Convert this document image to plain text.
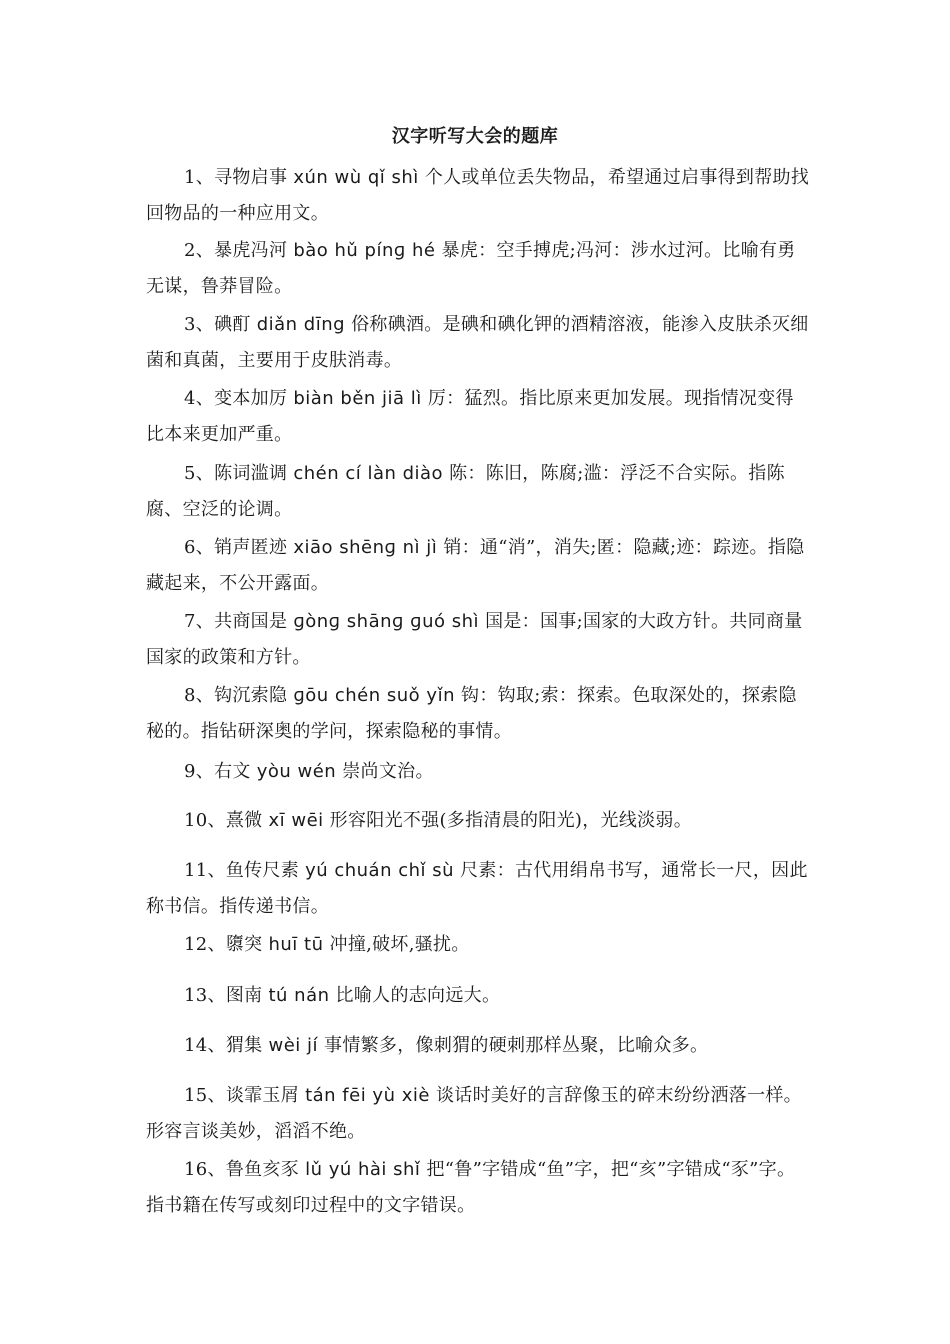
汉字听写大会的题库
1、寻物启事 xún wù qǐ shì 个人或单位丢失物品，希望通过启事得到帮助找回物品的一种应用文。
2、暴虎冯河 bào hǔ pínɡ hé 暴虎：空手搏虎;冯河：涉水过河。比喻有勇无谋，鲁莽冒险。
3、碘酊 diǎn dīng 俗称碘酒。是碘和碘化钾的酒精溶液，能渗入皮肤杀灭细菌和真菌，主要用于皮肤消毒。
4、变本加厉 biàn běn jiā lì 厉：猛烈。指比原来更加发展。现指情况变得比本来更加严重。
5、陈词滥调 chén cí làn diào 陈：陈旧，陈腐;滥：浮泛不合实际。指陈腐、空泛的论调。
6、销声匿迹 xiāo shēnɡ nì jì 销：通“消”，消失;匿：隐藏;迹：踪迹。指隐藏起来，不公开露面。
7、共商国是 ɡònɡ shānɡ ɡuó shì 国是：国事;国家的大政方针。共同商量国家的政策和方针。
8、钩沉索隐 ɡōu chén suǒ yǐn 钩：钩取;索：探索。色取深处的，探索隐秘的。指钻研深奥的学问，探索隐秘的事情。
9、右文 yòu wén 崇尚文治。
10、熹微 xī wēi 形容阳光不强(多指清晨的阳光)，光线淡弱。
11、鱼传尺素 yú chuán chǐ sù 尺素：古代用绢帛书写，通常长一尺，因此称书信。指传递书信。
12、隳突 huī tū 冲撞,破坏,骚扰。
13、图南 tú nán 比喻人的志向远大。
14、猬集 wèi jí 事情繁多，像刺猬的硬刺那样丛聚，比喻众多。
15、谈霏玉屑 tán fēi yù xiè 谈话时美好的言辞像玉的碎末纷纷洒落一样。形容言谈美妙，滔滔不绝。
16、鲁鱼亥豕 lǔ yú hài shǐ 把“鲁”字错成“鱼”字，把“亥”字错成“豕”字。指书籍在传写或刻印过程中的文字错误。
